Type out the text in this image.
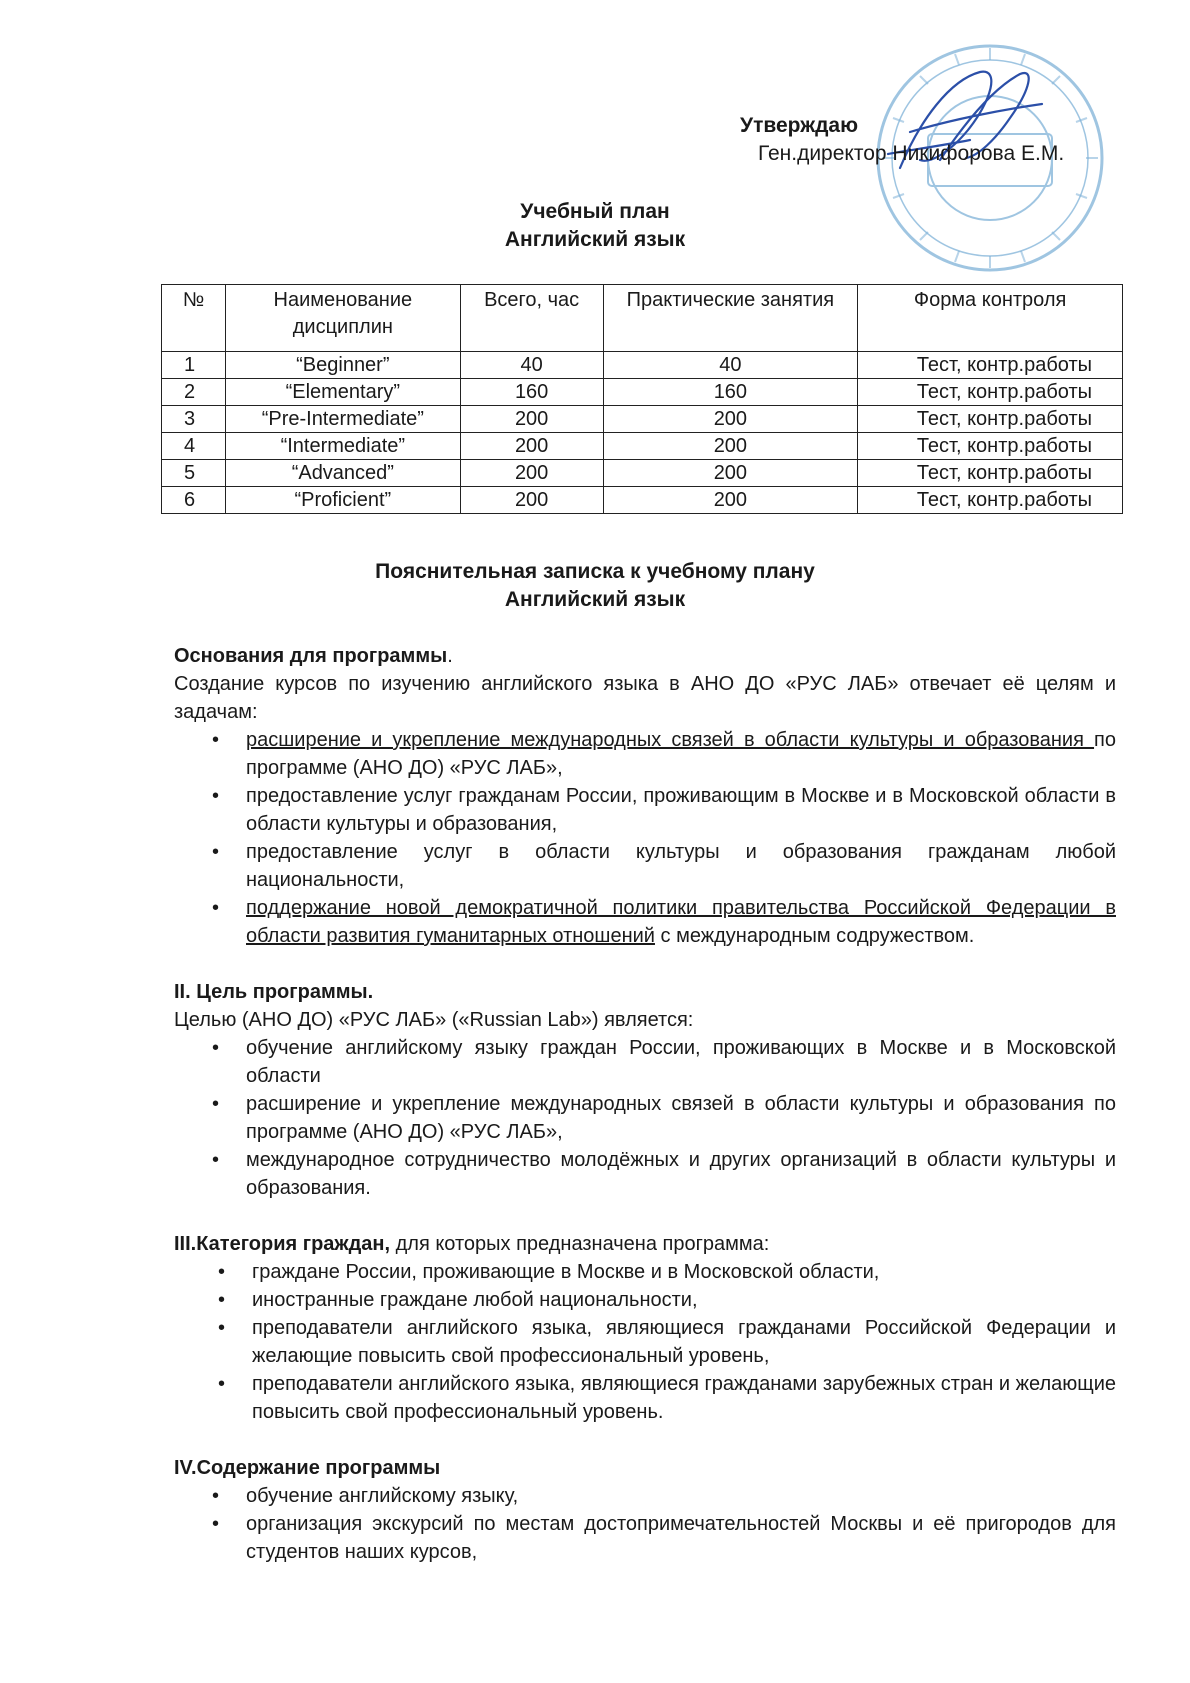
Утверждаю
Ген.директор Никифорова Е.М.
Учебный план
Английский язык
№	Наименование дисциплин	Всего, час	Практические занятия	Форма контроля
1	“Beginner”	40	40	Тест, контр.работы
2	“Elementary”	160	160	Тест, контр.работы
3	“Pre-Intermediate”	200	200	Тест, контр.работы
4	“Intermediate”	200	200	Тест, контр.работы
5	“Advanced”	200	200	Тест, контр.работы
6	“Proficient”	200	200	Тест, контр.работы
Пояснительная записка к учебному плану
Английский язык

Основания для программы.

Создание курсов по изучению английского языка в АНО ДО «РУС ЛАБ» отвечает её целям и задачам:

• расширение и укрепление международных связей в области культуры и образования по программе (АНО ДО) «РУС ЛАБ»,
• предоставление услуг гражданам России, проживающим в Москве и в Московской области в области культуры и образования,
• предоставление услуг в области культуры и образования гражданам любой национальности,
• поддержание новой демократичной политики правительства Российской Федерации в области развития гуманитарных отношений с международным содружеством.

II. Цель программы.

Целью (АНО ДО) «РУС ЛАБ» («Russian Lab») является:

• обучение английскому языку граждан России, проживающих в Москве и в Московской области
• расширение и укрепление международных связей в области культуры и образования по программе (АНО ДО) «РУС ЛАБ»,
• международное сотрудничество молодёжных и других организаций в области культуры и образования.

III.Категория граждан, для которых предназначена программа:

• граждане России, проживающие в Москве и в Московской области,
• иностранные граждане любой национальности,
• преподаватели английского языка, являющиеся гражданами Российской Федерации и желающие повысить свой профессиональный уровень,
• преподаватели английского языка, являющиеся гражданами зарубежных стран и желающие повысить свой профессиональный уровень.

IV.Содержание программы

• обучение английскому языку,
• организация экскурсий по местам достопримечательностей Москвы и её пригородов для студентов наших курсов,
